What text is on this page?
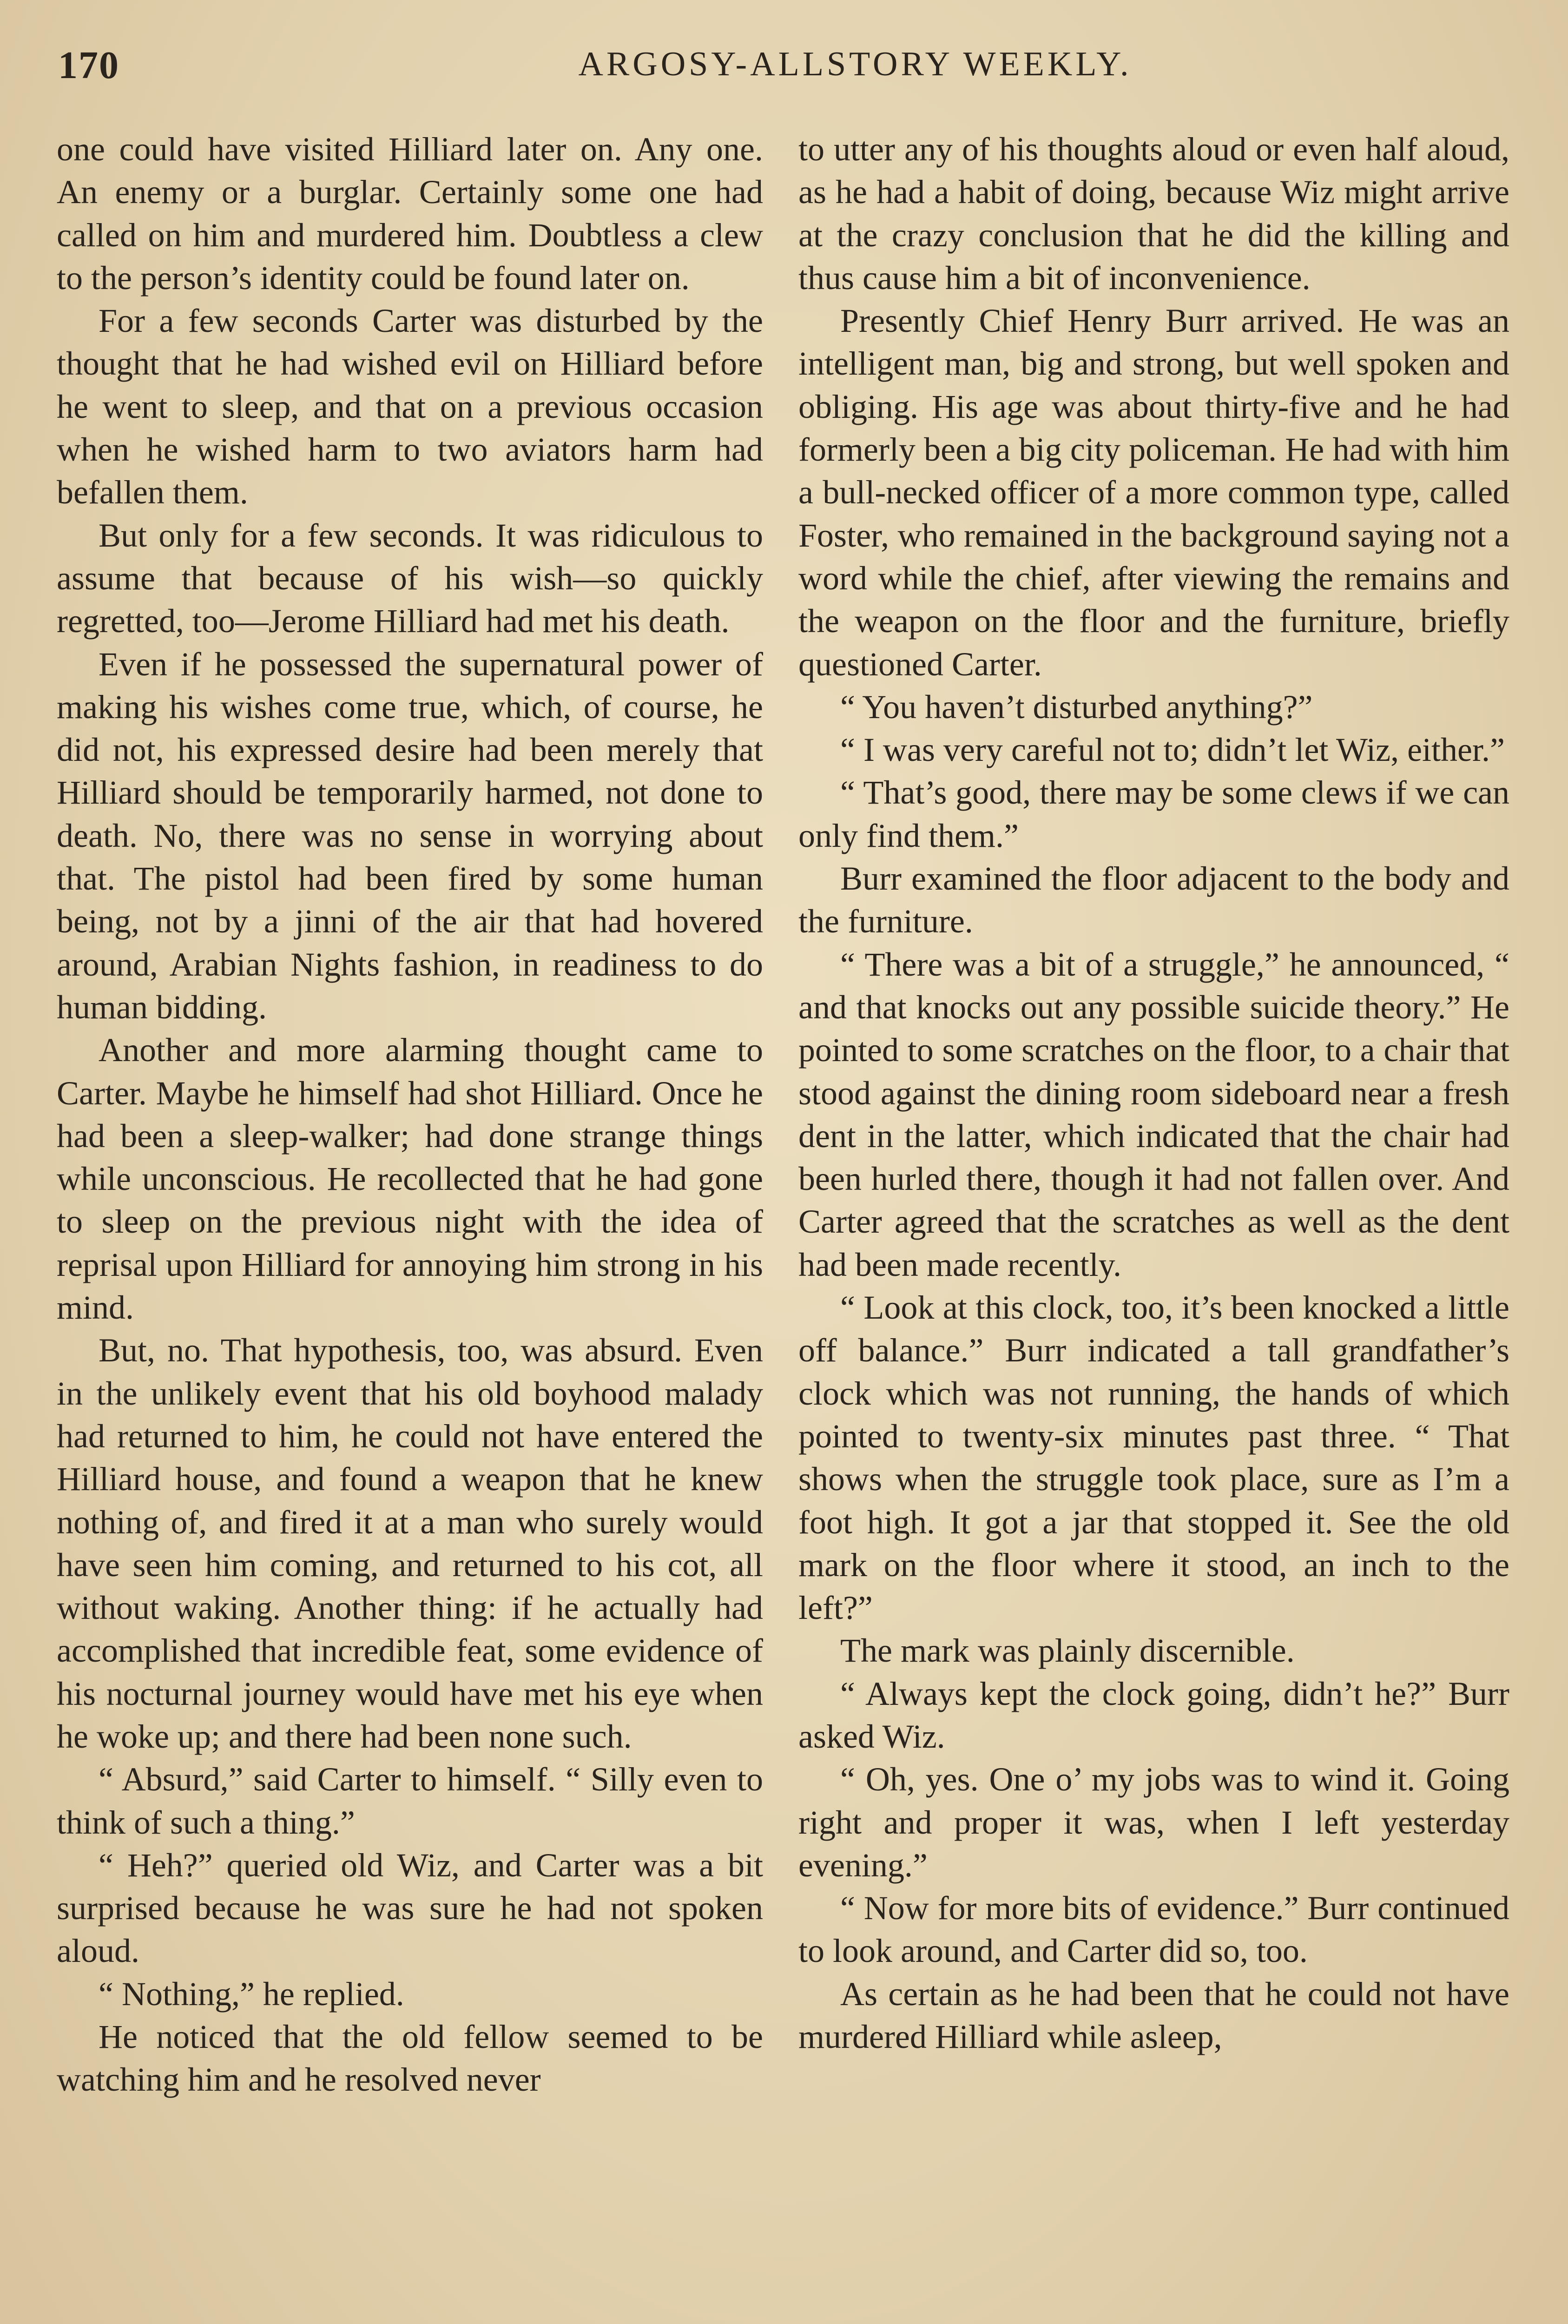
170	ARGOSY-ALLSTORY WEEKLY.

one could have visited Hilliard later on. Any one. An enemy or a burglar. Certainly some one had called on him and murdered him. Doubtless a clew to the person’s identity could be found later on.

For a few seconds Carter was disturbed by the thought that he had wished evil on Hilliard before he went to sleep, and that on a previous occasion when he wished harm to two aviators harm had befallen them.

But only for a few seconds. It was ridiculous to assume that because of his wish—so quickly regretted, too—Jerome Hilliard had met his death.

Even if he possessed the supernatural power of making his wishes come true, which, of course, he did not, his expressed desire had been merely that Hilliard should be temporarily harmed, not done to death. No, there was no sense in worrying about that. The pistol had been fired by some human being, not by a jinni of the air that had hovered around, Arabian Nights fashion, in readiness to do human bidding.

Another and more alarming thought came to Carter. Maybe he himself had shot Hilliard. Once he had been a sleep-walker; had done strange things while unconscious. He recollected that he had gone to sleep on the previous night with the idea of reprisal upon Hilliard for annoying him strong in his mind.

But, no. That hypothesis, too, was absurd. Even in the unlikely event that his old boyhood malady had returned to him, he could not have entered the Hilliard house, and found a weapon that he knew nothing of, and fired it at a man who surely would have seen him coming, and returned to his cot, all without waking. Another thing: if he actually had accomplished that incredible feat, some evidence of his nocturnal journey would have met his eye when he woke up; and there had been none such.

“ Absurd,” said Carter to himself. “ Silly even to think of such a thing.”

“ Heh?” queried old Wiz, and Carter was a bit surprised because he was sure he had not spoken aloud.

“ Nothing,” he replied.

He noticed that the old fellow seemed to be watching him and he resolved never

to utter any of his thoughts aloud or even half aloud, as he had a habit of doing, because Wiz might arrive at the crazy conclusion that he did the killing and thus cause him a bit of inconvenience.

Presently Chief Henry Burr arrived. He was an intelligent man, big and strong, but well spoken and obliging. His age was about thirty-five and he had formerly been a big city policeman. He had with him a bull-necked officer of a more common type, called Foster, who remained in the background saying not a word while the chief, after viewing the remains and the weapon on the floor and the furniture, briefly questioned Carter.

“ You haven’t disturbed anything?”

“ I was very careful not to; didn’t let Wiz, either.”

“ That’s good, there may be some clews if we can only find them.”

Burr examined the floor adjacent to the body and the furniture.

“ There was a bit of a struggle,” he announced, “ and that knocks out any possible suicide theory.” He pointed to some scratches on the floor, to a chair that stood against the dining room sideboard near a fresh dent in the latter, which indicated that the chair had been hurled there, though it had not fallen over. And Carter agreed that the scratches as well as the dent had been made recently.

“ Look at this clock, too, it’s been knocked a little off balance.” Burr indicated a tall grandfather’s clock which was not running, the hands of which pointed to twenty-six minutes past three. “ That shows when the struggle took place, sure as I’m a foot high. It got a jar that stopped it. See the old mark on the floor where it stood, an inch to the left?”

The mark was plainly discernible.

“ Always kept the clock going, didn’t he?” Burr asked Wiz.

“ Oh, yes. One o’ my jobs was to wind it. Going right and proper it was, when I left yesterday evening.”

“ Now for more bits of evidence.” Burr continued to look around, and Carter did so, too.

As certain as he had been that he could not have murdered Hilliard while asleep,
